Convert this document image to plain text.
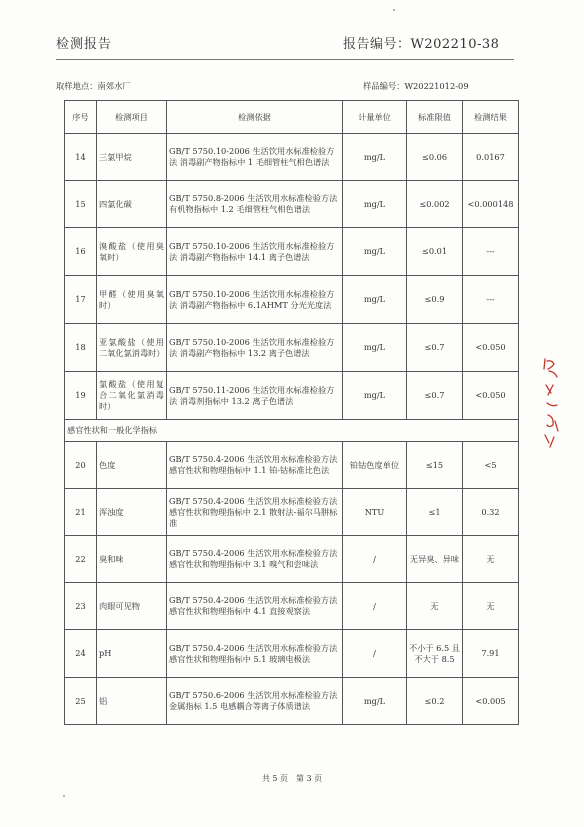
检测报告	报告编号：W202210-38
取样地点：南郊水厂	样品编号：W20221012-09
序号	检测项目	检测依据	计量单位	标准限值	检测结果
14	三氯甲烷	GB/T 5750.10-2006 生活饮用水标准检验方法 消毒副产物指标中 1 毛细管柱气相色谱法	mg/L	≤0.06	0.0167
15	四氯化碳	GB/T 5750.8-2006 生活饮用水标准检验方法 有机物指标中 1.2 毛细管柱气相色谱法	mg/L	≤0.002	<0.000148
16	溴酸盐（使用臭氧时）	GB/T 5750.10-2006 生活饮用水标准检验方法 消毒副产物指标中 14.1 离子色谱法	mg/L	≤0.01	---
17	甲醛（使用臭氧时）	GB/T 5750.10-2006 生活饮用水标准检验方法 消毒副产物指标中 6.1AHMT 分光光度法	mg/L	≤0.9	---
18	亚氯酸盐（使用二氧化氯消毒时）	GB/T 5750.10-2006 生活饮用水标准检验方法 消毒副产物指标中 13.2 离子色谱法	mg/L	≤0.7	<0.050
19	氯酸盐（使用复合二氧化氯消毒时）	GB/T 5750.11-2006 生活饮用水标准检验方法 消毒剂指标中 13.2 离子色谱法	mg/L	≤0.7	<0.050
感官性状和一般化学指标					
20	色度	GB/T 5750.4-2006 生活饮用水标准检验方法 感官性状和物理指标中 1.1 铂-钴标准比色法	铂钴色度单位	≤15	<5
21	浑浊度	GB/T 5750.4-2006 生活饮用水标准检验方法 感官性状和物理指标中 2.1 散射法-福尔马肼标准	NTU	≤1	0.32
22	臭和味	GB/T 5750.4-2006 生活饮用水标准检验方法 感官性状和物理指标中 3.1 嗅气和尝味法	/	无异臭、异味	无
23	肉眼可见物	GB/T 5750.4-2006 生活饮用水标准检验方法 感官性状和物理指标中 4.1 直接观察法	/	无	无
24	pH	GB/T 5750.4-2006 生活饮用水标准检验方法 感官性状和物理指标中 5.1 玻璃电极法	/	不小于 6.5 且不大于 8.5	7.91
25	铝	GB/T 5750.6-2006 生活饮用水标准检验方法 金属指标 1.5 电感耦合等离子体质谱法	mg/L	≤0.2	<0.005
共 5 页　第 3 页
